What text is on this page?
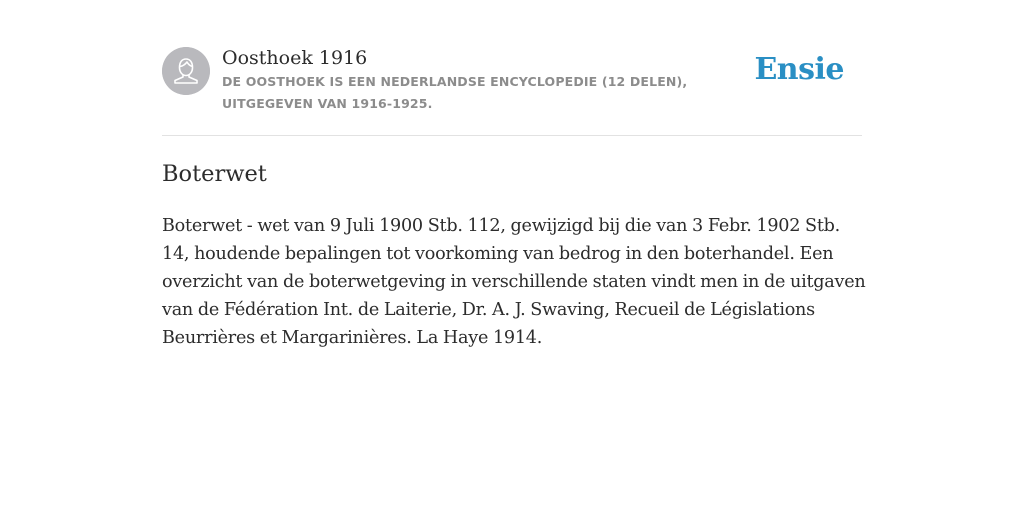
Oosthoek 1916
DE OOSTHOEK IS EEN NEDERLANDSE ENCYCLOPEDIE (12 DELEN), UITGEGEVEN VAN 1916-1925.
Ensie
Boterwet

Boterwet - wet van 9 Juli 1900 Stb. 112, gewijzigd bij die van 3 Febr. 1902 Stb. 14, houdende bepalingen tot voorkoming van bedrog in den boterhandel. Een overzicht van de boterwetgeving in verschillende staten vindt men in de uitgaven van de Fédération Int. de Laiterie, Dr. A. J. Swaving, Recueil de Législations Beurrières et Margarinières. La Haye 1914.
